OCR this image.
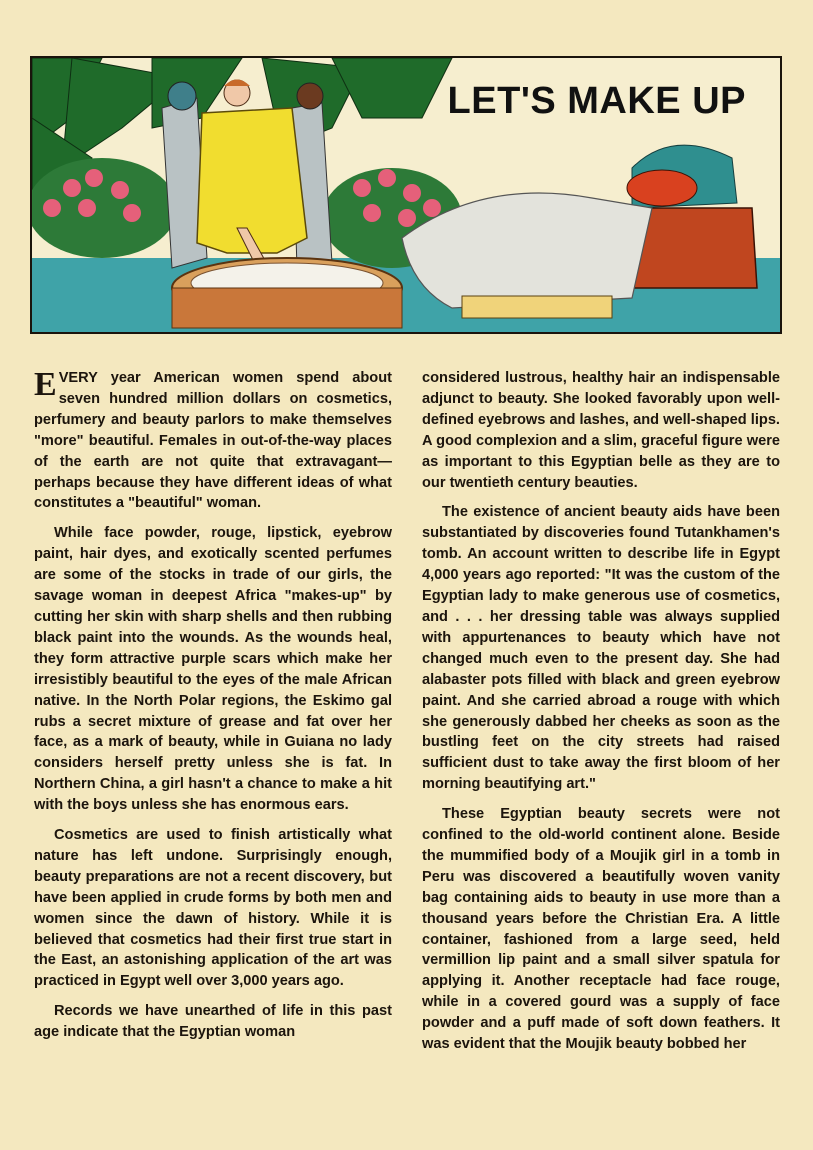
LET'S MAKE UP

EVERY year American women spend about seven hundred million dollars on cosmetics, perfumery and beauty parlors to make themselves "more" beautiful. Females in out-of-the-way places of the earth are not quite that extravagant—perhaps because they have different ideas of what constitutes a "beautiful" woman.

While face powder, rouge, lipstick, eyebrow paint, hair dyes, and exotically scented perfumes are some of the stocks in trade of our girls, the savage woman in deepest Africa "makes-up" by cutting her skin with sharp shells and then rubbing black paint into the wounds. As the wounds heal, they form attractive purple scars which make her irresistibly beautiful to the eyes of the male African native. In the North Polar regions, the Eskimo gal rubs a secret mixture of grease and fat over her face, as a mark of beauty, while in Guiana no lady considers herself pretty unless she is fat. In Northern China, a girl hasn't a chance to make a hit with the boys unless she has enormous ears.

Cosmetics are used to finish artistically what nature has left undone. Surprisingly enough, beauty preparations are not a recent discovery, but have been applied in crude forms by both men and women since the dawn of history. While it is believed that cosmetics had their first true start in the East, an astonishing application of the art was practiced in Egypt well over 3,000 years ago.

Records we have unearthed of life in this past age indicate that the Egyptian woman

considered lustrous, healthy hair an indispensable adjunct to beauty. She looked favorably upon well-defined eyebrows and lashes, and well-shaped lips. A good complexion and a slim, graceful figure were as important to this Egyptian belle as they are to our twentieth century beauties.

The existence of ancient beauty aids have been substantiated by discoveries found Tutankhamen's tomb. An account written to describe life in Egypt 4,000 years ago reported: "It was the custom of the Egyptian lady to make generous use of cosmetics, and . . . her dressing table was always supplied with appurtenances to beauty which have not changed much even to the present day. She had alabaster pots filled with black and green eyebrow paint. And she carried abroad a rouge with which she generously dabbed her cheeks as soon as the bustling feet on the city streets had raised sufficient dust to take away the first bloom of her morning beautifying art."

These Egyptian beauty secrets were not confined to the old-world continent alone. Beside the mummified body of a Moujik girl in a tomb in Peru was discovered a beautifully woven vanity bag containing aids to beauty in use more than a thousand years before the Christian Era. A little container, fashioned from a large seed, held vermillion lip paint and a small silver spatula for applying it. Another receptacle had face rouge, while in a covered gourd was a supply of face powder and a puff made of soft down feathers. It was evident that the Moujik beauty bobbed her
